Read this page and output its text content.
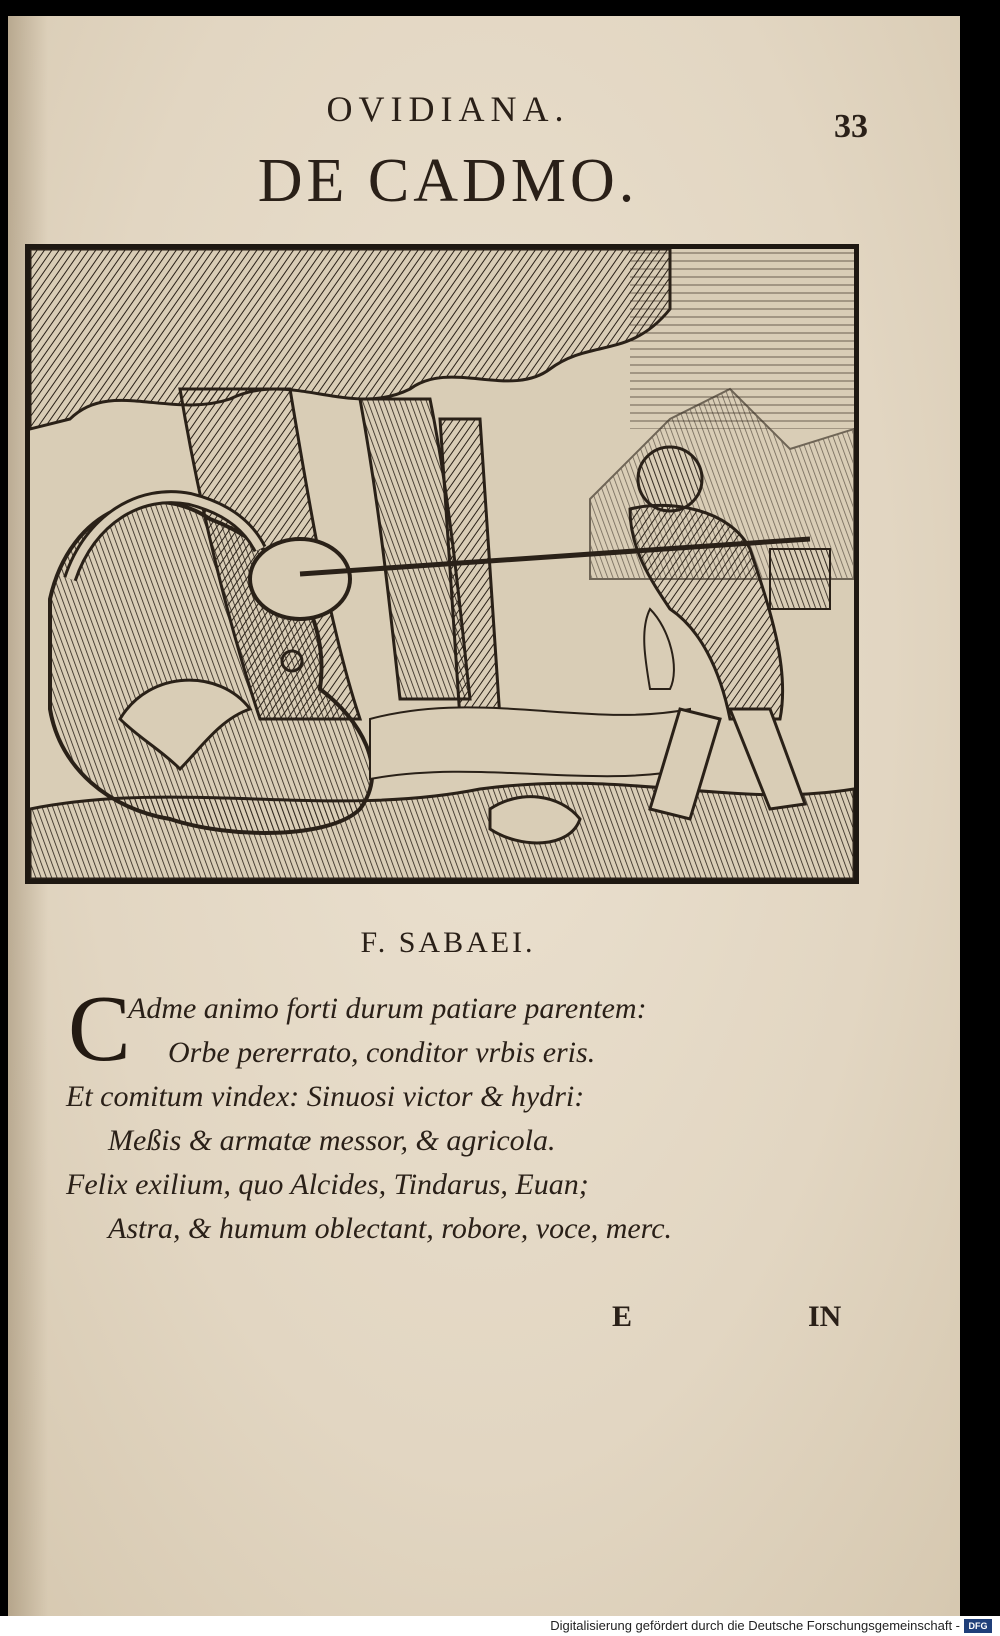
OVIDIANA.	33
DE CADMO.
F. SABAEI.
C
Adme animo forti durum patiare parentem:
Orbe pererrato, conditor vrbis eris.
Et comitum vindex: Sinuosi victor & hydri:
Meßis & armatæ messor, & agricola.
Felix exilium, quo Alcides, Tindarus, Euan;
Astra, & humum oblectant, robore, voce, merc.
E	IN
Digitalisierung gefördert durch die Deutsche Forschungsgemeinschaft - DFG
